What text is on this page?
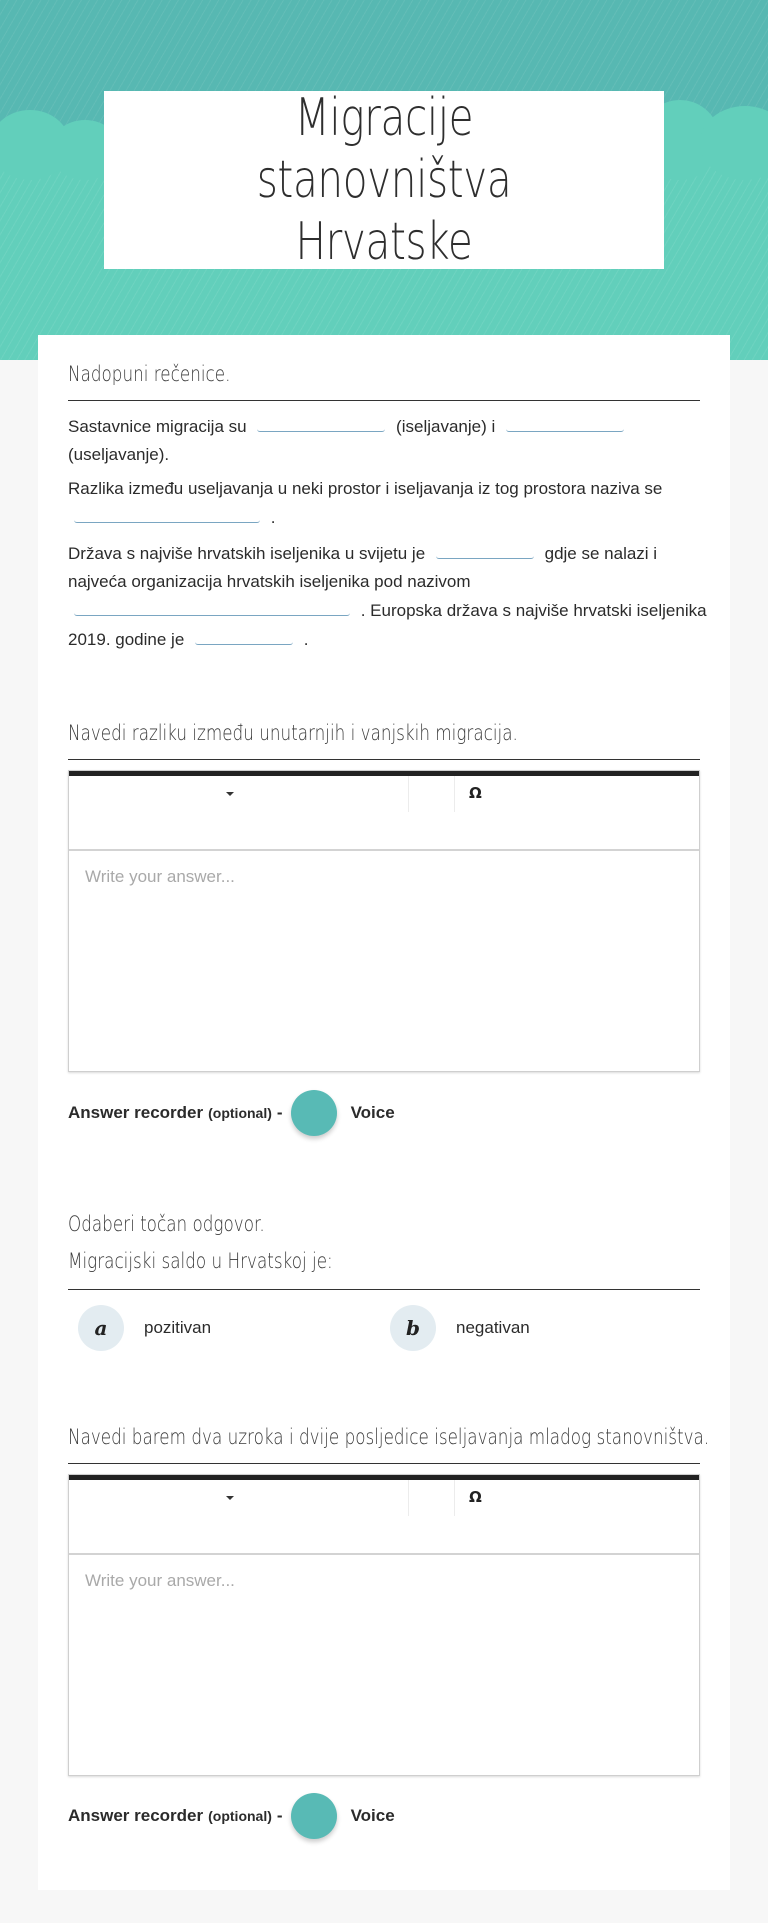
Migracije stanovništva
Hrvatske
Nadopuni rečenice.
Sastavnice migracija su	(iseljavanje) i
(useljavanje).
Razlika između useljavanja u neki prostor i iseljavanja iz tog prostora naziva se  .
Država s najviše hrvatskih iseljenika u svijetu je	gdje se nalazi i najveća organizacija hrvatskih iseljenika pod nazivom  . Europska država s najviše hrvatski iseljenika 2019. godine je	.
Navedi razliku između unutarnjih i vanjskih migracija.
Ω
Write your answer...
Answer recorder (optional) -	Voice
Odaberi točan odgovor.
Migracijski saldo u Hrvatskoj je:
a	pozitivan	b	negativan
Navedi barem dva uzroka i dvije posljedice iseljavanja mladog stanovništva.
Ω
Write your answer...
Answer recorder (optional) -	Voice
